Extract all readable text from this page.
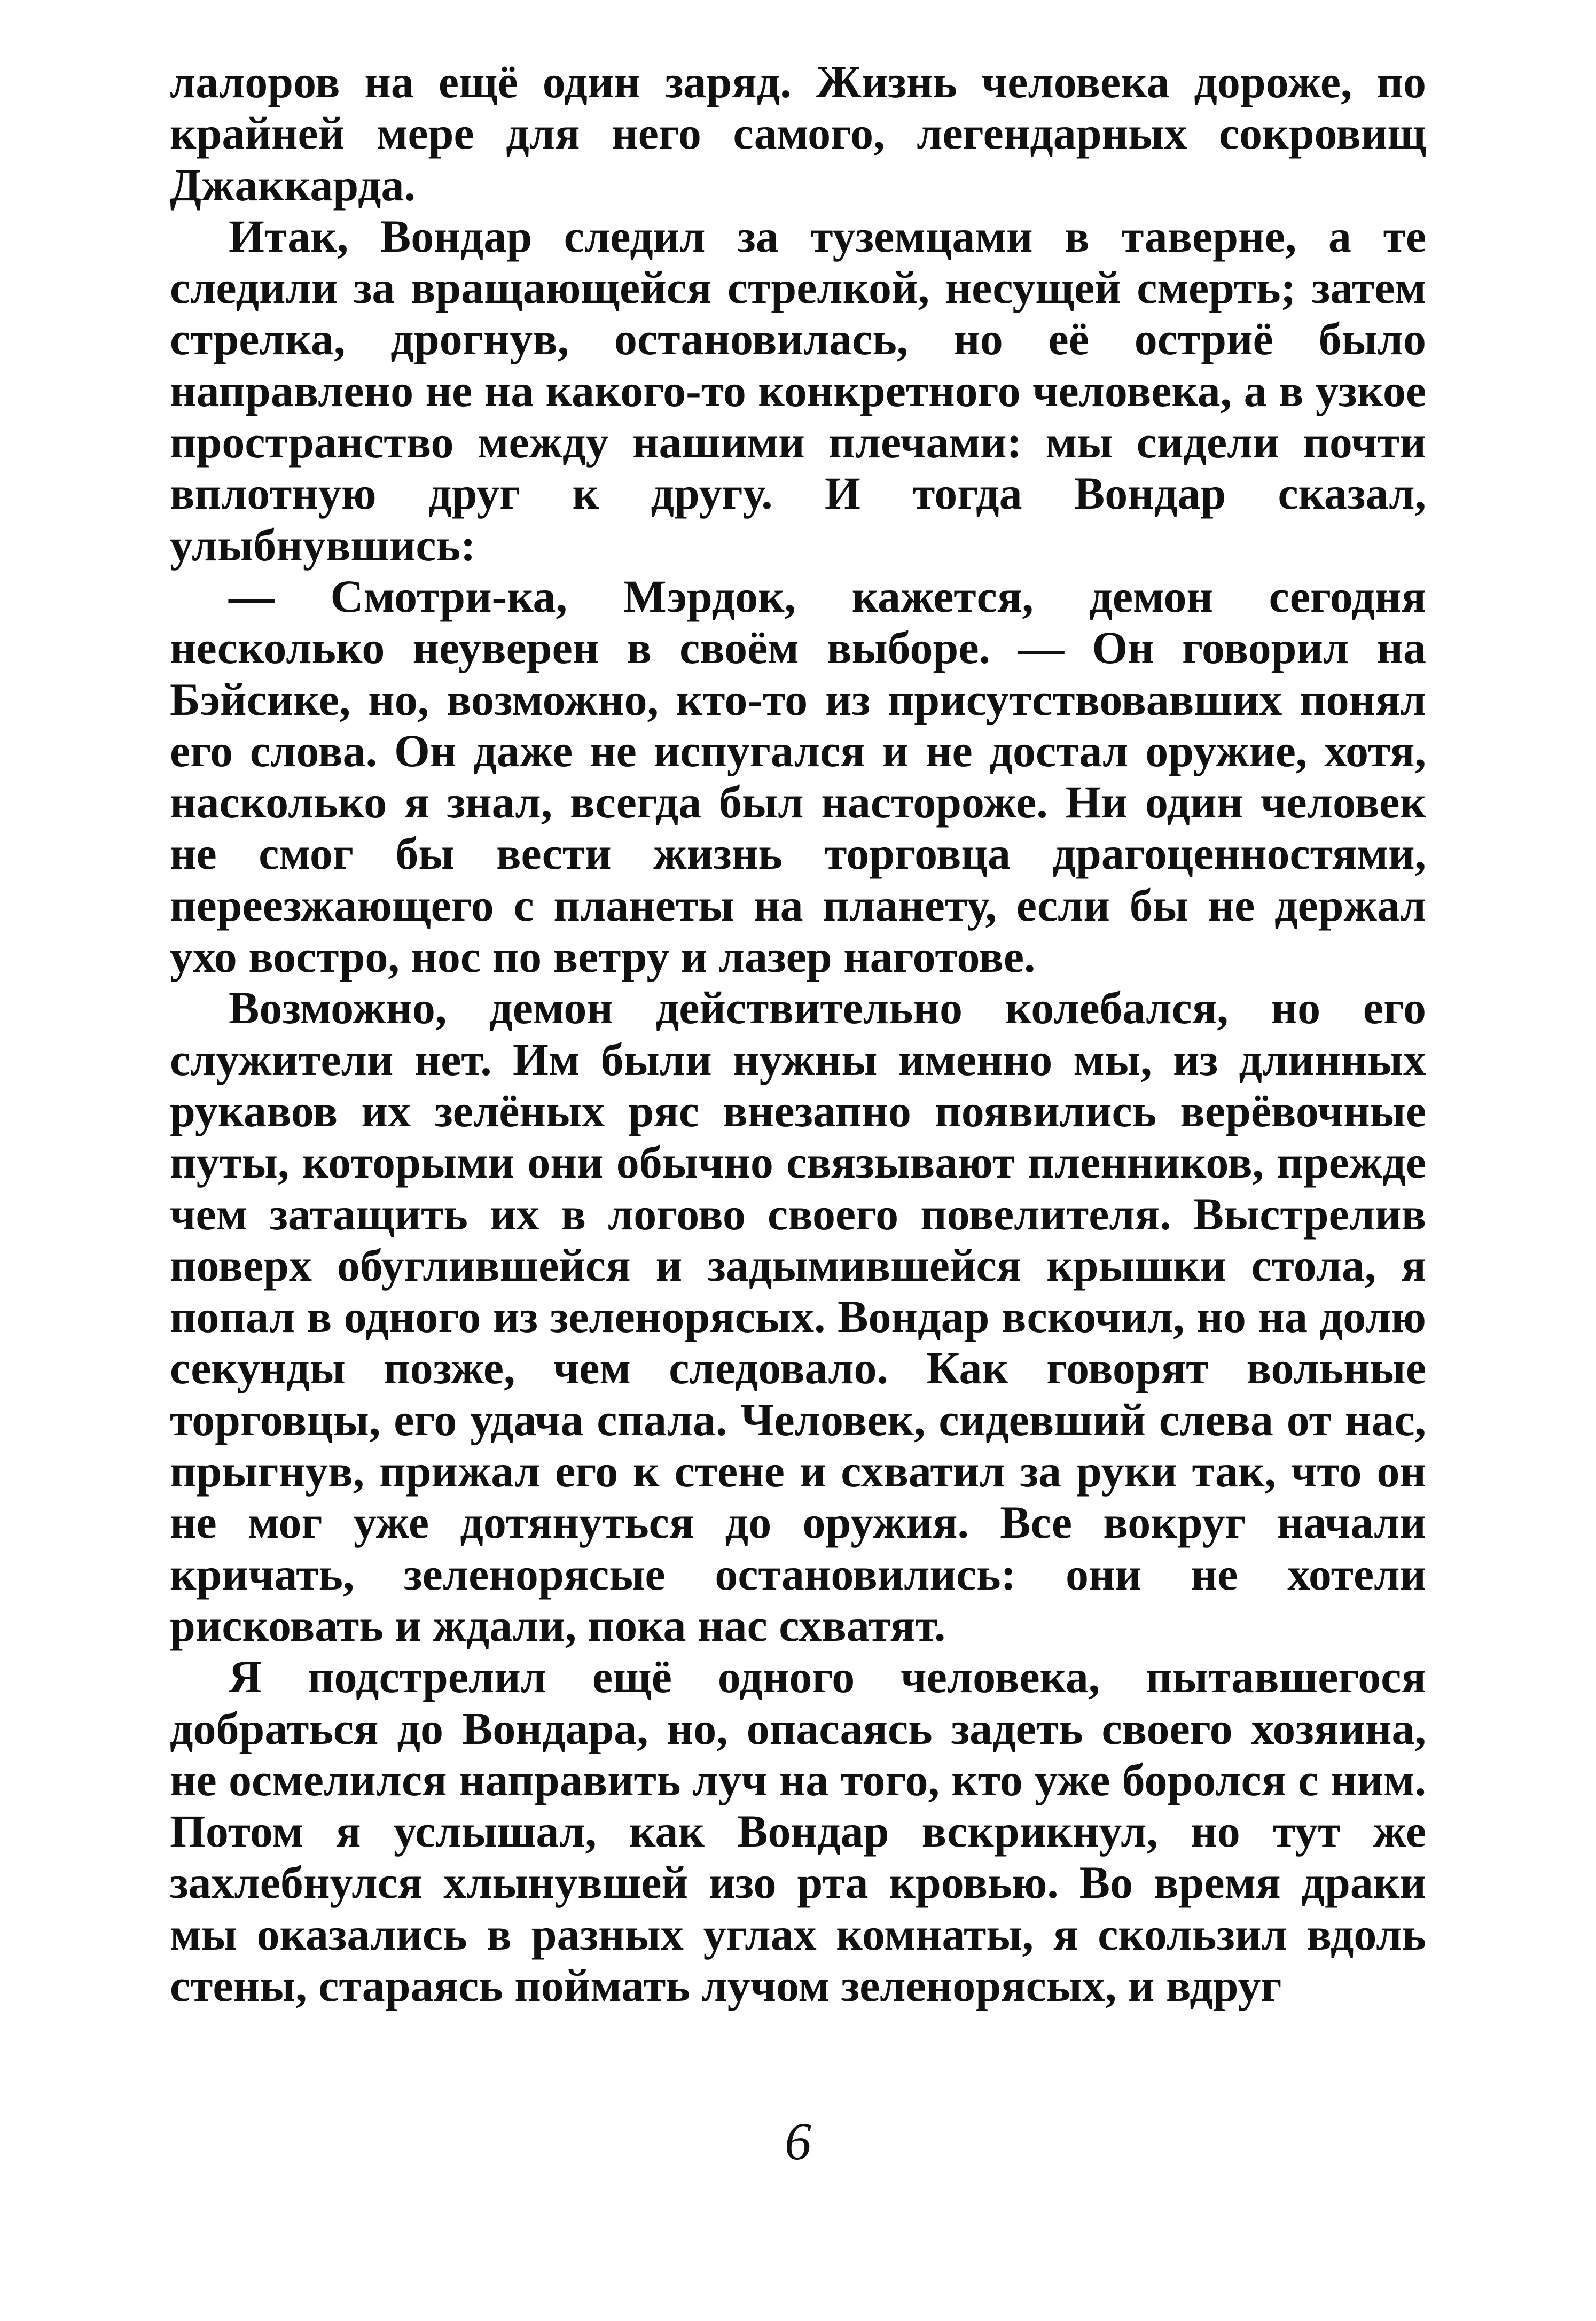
лалоров на ещё один заряд. Жизнь человека дороже, по крайней мере для него самого, легендарных сокровищ Джаккарда.

Итак, Вондар следил за туземцами в таверне, а те следили за вращающейся стрелкой, несущей смерть; затем стрелка, дрогнув, остановилась, но её остриё было направлено не на какого-то конкретного человека, а в узкое пространство между нашими плечами: мы сидели почти вплотную друг к другу. И тогда Вондар сказал, улыбнувшись:

— Смотри-ка, Мэрдок, кажется, демон сегодня несколько неуверен в своём выборе. — Он говорил на Бэйсике, но, возможно, кто-то из присутствовавших понял его слова. Он даже не испугался и не достал оружие, хотя, насколько я знал, всегда был настороже. Ни один человек не смог бы вести жизнь торговца драгоценностями, переезжающего с планеты на планету, если бы не держал ухо востро, нос по ветру и лазер наготове.

Возможно, демон действительно колебался, но его служители нет. Им были нужны именно мы, из длинных рукавов их зелёных ряс внезапно появились верёвочные путы, которыми они обычно связывают пленников, прежде чем затащить их в логово своего повелителя. Выстрелив поверх обуглившейся и задымившейся крышки стола, я попал в одного из зеленорясых. Вондар вскочил, но на долю секунды позже, чем следовало. Как говорят вольные торговцы, его удача спала. Человек, сидевший слева от нас, прыгнув, прижал его к стене и схватил за руки так, что он не мог уже дотянуться до оружия. Все вокруг начали кричать, зеленорясые остановились: они не хотели рисковать и ждали, пока нас схватят.

Я подстрелил ещё одного человека, пытавшегося добраться до Вондара, но, опасаясь задеть своего хозяина, не осмелился направить луч на того, кто уже боролся с ним. Потом я услышал, как Вондар вскрикнул, но тут же захлебнулся хлынувшей изо рта кровью. Во время драки мы оказались в разных углах комнаты, я скользил вдоль стены, стараясь поймать лучом зеленорясых, и вдруг

6
